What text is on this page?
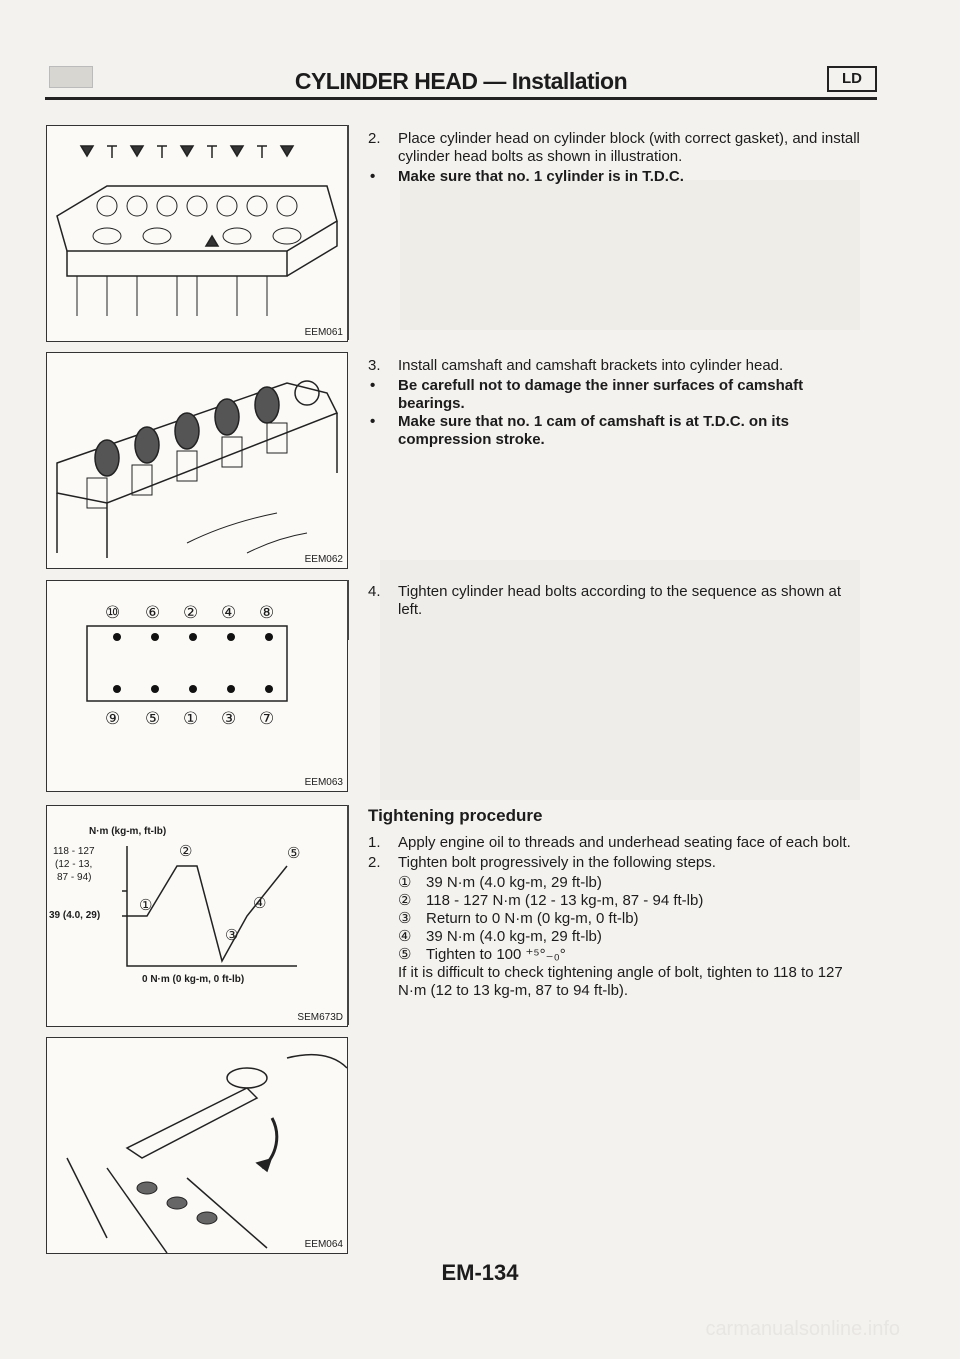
CYLINDER HEAD — Installation	LD
EEM061
EEM062
⑩ ⑥ ② ④ ⑧
⑨ ⑤ ① ③ ⑦
EEM063
N·m (kg-m, ft-lb)
118 - 127
(12 - 13,
87 - 94)
39 (4.0, 29)
①
②
③
④
⑤
0 N·m (0 kg-m, 0 ft-lb)
SEM673D
EEM064
2. Place cylinder head on cylinder block (with correct gasket), and install cylinder head bolts as shown in illustration.
• Make sure that no. 1 cylinder is in T.D.C.
3. Install camshaft and camshaft brackets into cylinder head.
• Be carefull not to damage the inner surfaces of camshaft bearings.
• Make sure that no. 1 cam of camshaft is at T.D.C. on its compression stroke.
4. Tighten cylinder head bolts according to the sequence as shown at left.
Tightening procedure
1. Apply engine oil to threads and underhead seating face of each bolt.
2. Tighten bolt progressively in the following steps.
① 39 N·m (4.0 kg-m, 29 ft-lb)
② 118 - 127 N·m (12 - 13 kg-m, 87 - 94 ft-lb)
③ Return to 0 N·m (0 kg-m, 0 ft-lb)
④ 39 N·m (4.0 kg-m, 29 ft-lb)
⑤ Tighten to 100 ⁺⁵°₋₀°
If it is difficult to check tightening angle of bolt, tighten to 118 to 127 N·m (12 to 13 kg-m, 87 to 94 ft-lb).
EM-134
carmanualsonline.info
